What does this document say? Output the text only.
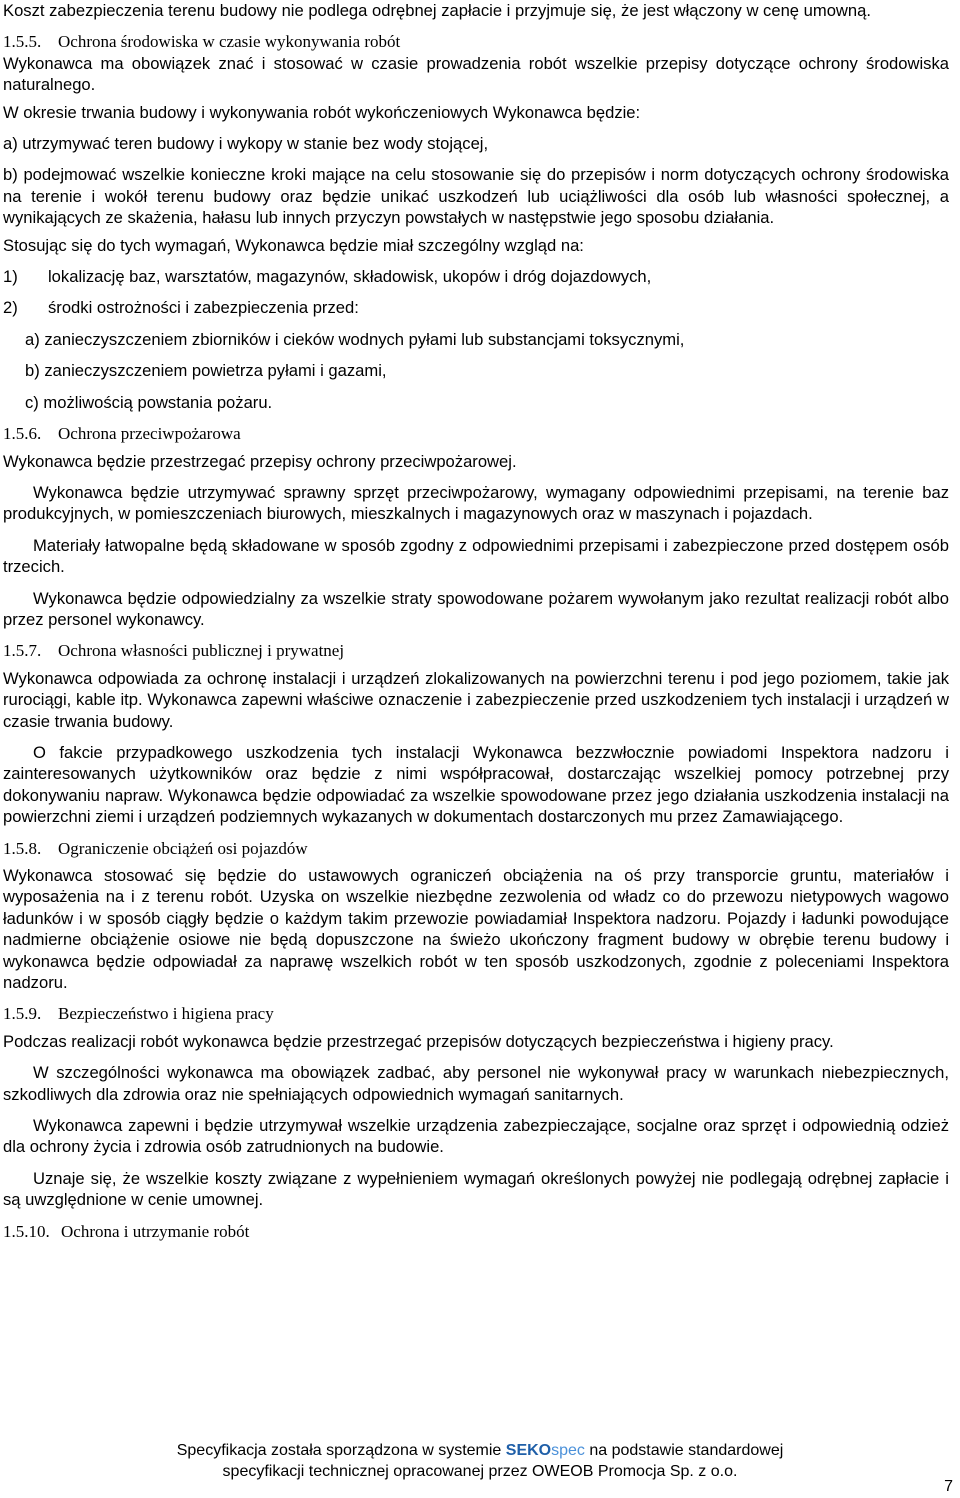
Koszt zabezpieczenia terenu budowy nie podlega odrębnej zapłacie i przyjmuje się, że jest włączony w cenę umowną.

1.5.5. Ochrona środowiska w czasie wykonywania robót

Wykonawca ma obowiązek znać i stosować w czasie prowadzenia robót wszelkie przepisy dotyczące ochrony środowiska naturalnego.

W okresie trwania budowy i wykonywania robót wykończeniowych Wykonawca będzie:

a) utrzymywać teren budowy i wykopy w stanie bez wody stojącej,

b) podejmować wszelkie konieczne kroki mające na celu stosowanie się do przepisów i norm dotyczących ochrony środowiska na terenie i wokół terenu budowy oraz będzie unikać uszkodzeń lub uciążliwości dla osób lub własności społecznej, a wynikających ze skażenia, hałasu lub innych przyczyn powstałych w następstwie jego sposobu działania.

Stosując się do tych wymagań, Wykonawca będzie miał szczególny wzgląd na:

1) lokalizację baz, warsztatów, magazynów, składowisk, ukopów i dróg dojazdowych,

2) środki ostrożności i zabezpieczenia przed:

a) zanieczyszczeniem zbiorników i cieków wodnych pyłami lub substancjami toksycznymi,

b) zanieczyszczeniem powietrza pyłami i gazami,

c) możliwością powstania pożaru.

1.5.6. Ochrona przeciwpożarowa

Wykonawca będzie przestrzegać przepisy ochrony przeciwpożarowej.

Wykonawca będzie utrzymywać sprawny sprzęt przeciwpożarowy, wymagany odpowiednimi przepisami, na terenie baz produkcyjnych, w pomieszczeniach biurowych, mieszkalnych i magazynowych oraz w maszynach i pojazdach.

Materiały łatwopalne będą składowane w sposób zgodny z odpowiednimi przepisami i zabezpieczone przed dostępem osób trzecich.

Wykonawca będzie odpowiedzialny za wszelkie straty spowodowane pożarem wywołanym jako rezultat realizacji robót albo przez personel wykonawcy.

1.5.7. Ochrona własności publicznej i prywatnej

Wykonawca odpowiada za ochronę instalacji i urządzeń zlokalizowanych na powierzchni terenu i pod jego poziomem, takie jak rurociągi, kable itp. Wykonawca zapewni właściwe oznaczenie i zabezpieczenie przed uszkodzeniem tych instalacji i urządzeń w czasie trwania budowy.

O fakcie przypadkowego uszkodzenia tych instalacji Wykonawca bezzwłocznie powiadomi Inspektora nadzoru i zainteresowanych użytkowników oraz będzie z nimi współpracował, dostarczając wszelkiej pomocy potrzebnej przy dokonywaniu napraw. Wykonawca będzie odpowiadać za wszelkie spowodowane przez jego działania uszkodzenia instalacji na powierzchni ziemi i urządzeń podziemnych wykazanych w dokumentach dostarczonych mu przez Zamawiającego.

1.5.8. Ograniczenie obciążeń osi pojazdów

Wykonawca stosować się będzie do ustawowych ograniczeń obciążenia na oś przy transporcie gruntu, materiałów i wyposażenia na i z terenu robót. Uzyska on wszelkie niezbędne zezwolenia od władz co do przewozu nietypowych wagowo ładunków i w sposób ciągły będzie o każdym takim przewozie powiadamiał Inspektora nadzoru. Pojazdy i ładunki powodujące nadmierne obciążenie osiowe nie będą dopuszczone na świeżo ukończony fragment budowy w obrębie terenu budowy i wykonawca będzie odpowiadał za naprawę wszelkich robót w ten sposób uszkodzonych, zgodnie z poleceniami Inspektora nadzoru.

1.5.9. Bezpieczeństwo i higiena pracy

Podczas realizacji robót wykonawca będzie przestrzegać przepisów dotyczących bezpieczeństwa i higieny pracy.

W szczególności wykonawca ma obowiązek zadbać, aby personel nie wykonywał pracy w warunkach niebezpiecznych, szkodliwych dla zdrowia oraz nie spełniających odpowiednich wymagań sanitarnych.

Wykonawca zapewni i będzie utrzymywał wszelkie urządzenia zabezpieczające, socjalne oraz sprzęt i odpowiednią odzież dla ochrony życia i zdrowia osób zatrudnionych na budowie.

Uznaje się, że wszelkie koszty związane z wypełnieniem wymagań określonych powyżej nie podlegają odrębnej zapłacie i są uwzględnione w cenie umownej.

1.5.10. Ochrona i utrzymanie robót

Specyfikacja została sporządzona w systemie SEKOspec na podstawie standardowej
specyfikacji technicznej opracowanej przez OWEOB Promocja Sp. z o.o.
7
